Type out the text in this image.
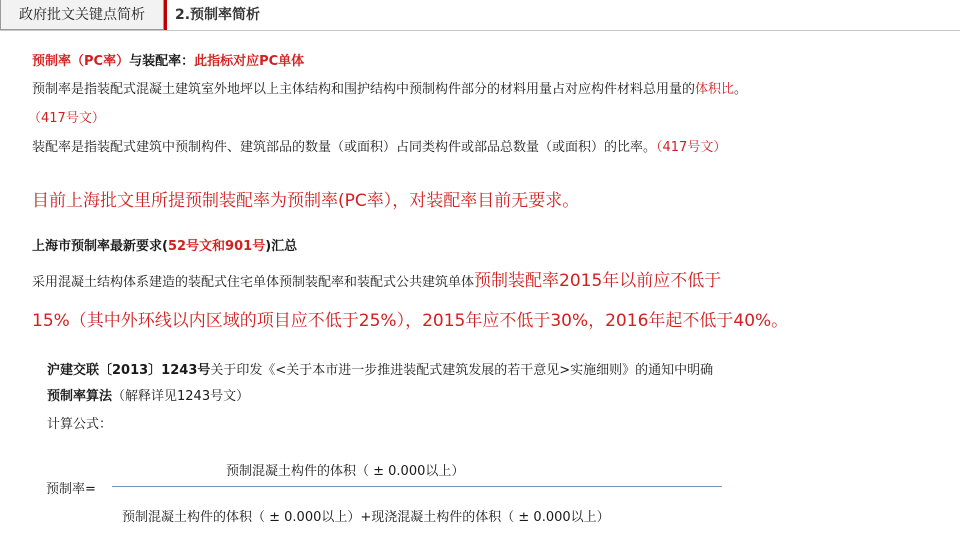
政府批文关键点简析	2.预制率简析
预制率（PC率）与装配率：此指标对应PC单体
预制率是指装配式混凝土建筑室外地坪以上主体结构和围护结构中预制构件部分的材料用量占对应构件材料总用量的体积比。
（417号文）
装配率是指装配式建筑中预制构件、建筑部品的数量（或面积）占同类构件或部品总数量（或面积）的比率。（417号文）
目前上海批文里所提预制装配率为预制率(PC率），对装配率目前无要求。
上海市预制率最新要求(52号文和901号)汇总
采用混凝土结构体系建造的装配式住宅单体预制装配率和装配式公共建筑单体预制装配率2015年以前应不低于
15%（其中外环线以内区域的项目应不低于25%），2015年应不低于30%，2016年起不低于40%。
沪建交联〔2013〕1243号关于印发《<关于本市进一步推进装配式建筑发展的若干意见>实施细则》的通知中明确
预制率算法（解释详见1243号文）
计算公式：
预制混凝土构件的体积（ ± 0.000以上）
预制率=
预制混凝土构件的体积（ ± 0.000以上）+现浇混凝土构件的体积（ ± 0.000以上）
